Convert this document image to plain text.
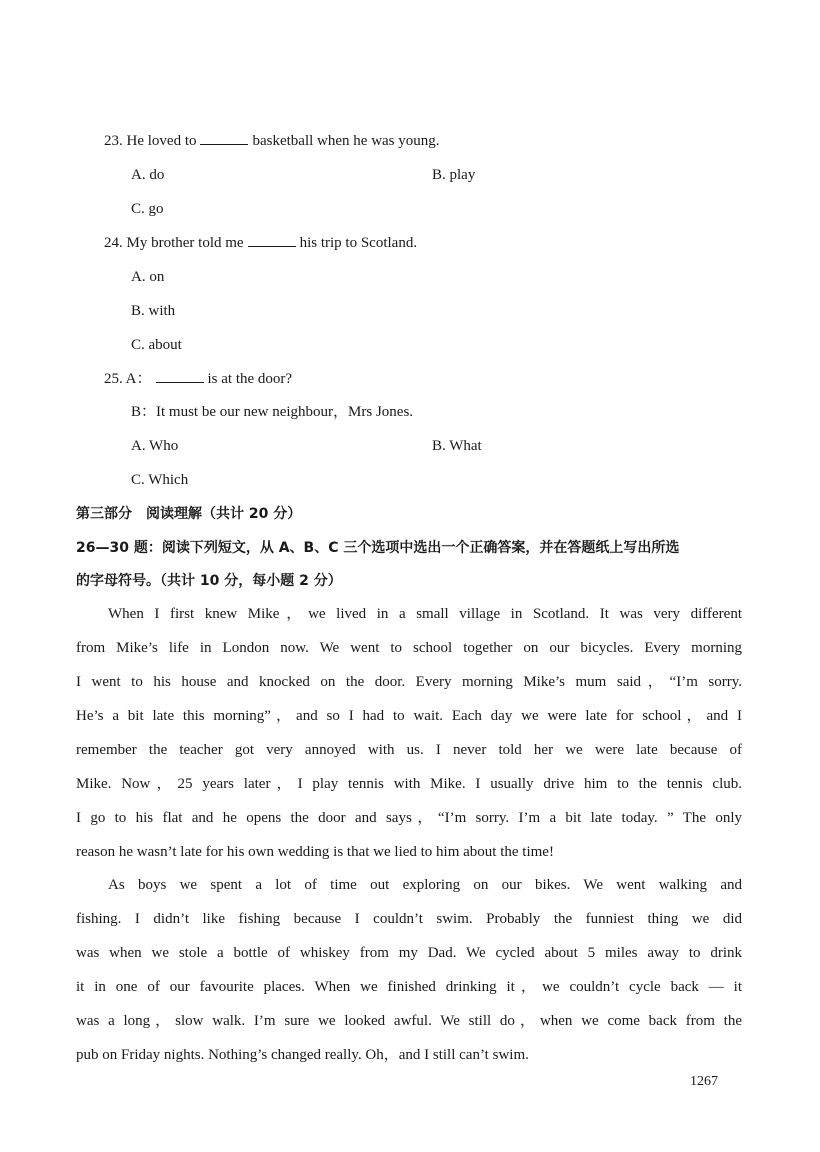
23. He loved to	basketball when he was young.
A. do	B. play
C. go
24. My brother told me	his trip to Scotland.
A. on
B. with
C. about
25. A：	is at the door?
B：It must be our new neighbour，Mrs Jones.
A. Who	B. What
C. Which
第三部分　阅读理解（共计 20 分）
26—30 题：阅读下列短文，从 A、B、C 三个选项中选出一个正确答案，并在答题纸上写出所选
的字母符号。（共计 10 分，每小题 2 分）
When I first knew Mike，we lived in a small village in Scotland. It was very different
from Mike’s life in London now. We went to school together on our bicycles. Every morning
I went to his house and knocked on the door. Every morning Mike’s mum said，“I’m sorry.
He’s a bit late this morning”，and so I had to wait. Each day we were late for school，and I
remember the teacher got very annoyed with us. I never told her we were late because of
Mike. Now，25 years later，I play tennis with Mike. I usually drive him to the tennis club.
I go to his flat and he opens the door and says，“I’m sorry. I’m a bit late today. ” The only
reason he wasn’t late for his own wedding is that we lied to him about the time!
As boys we spent a lot of time out exploring on our bikes. We went walking and
fishing. I didn’t like fishing because I couldn’t swim. Probably the funniest thing we did
was when we stole a bottle of whiskey from my Dad. We cycled about 5 miles away to drink
it in one of our favourite places. When we finished drinking it，we couldn’t cycle back — it
was a long，slow walk. I’m sure we looked awful. We still do，when we come back from the
pub on Friday nights. Nothing’s changed really. Oh，and I still can’t swim.
1267
